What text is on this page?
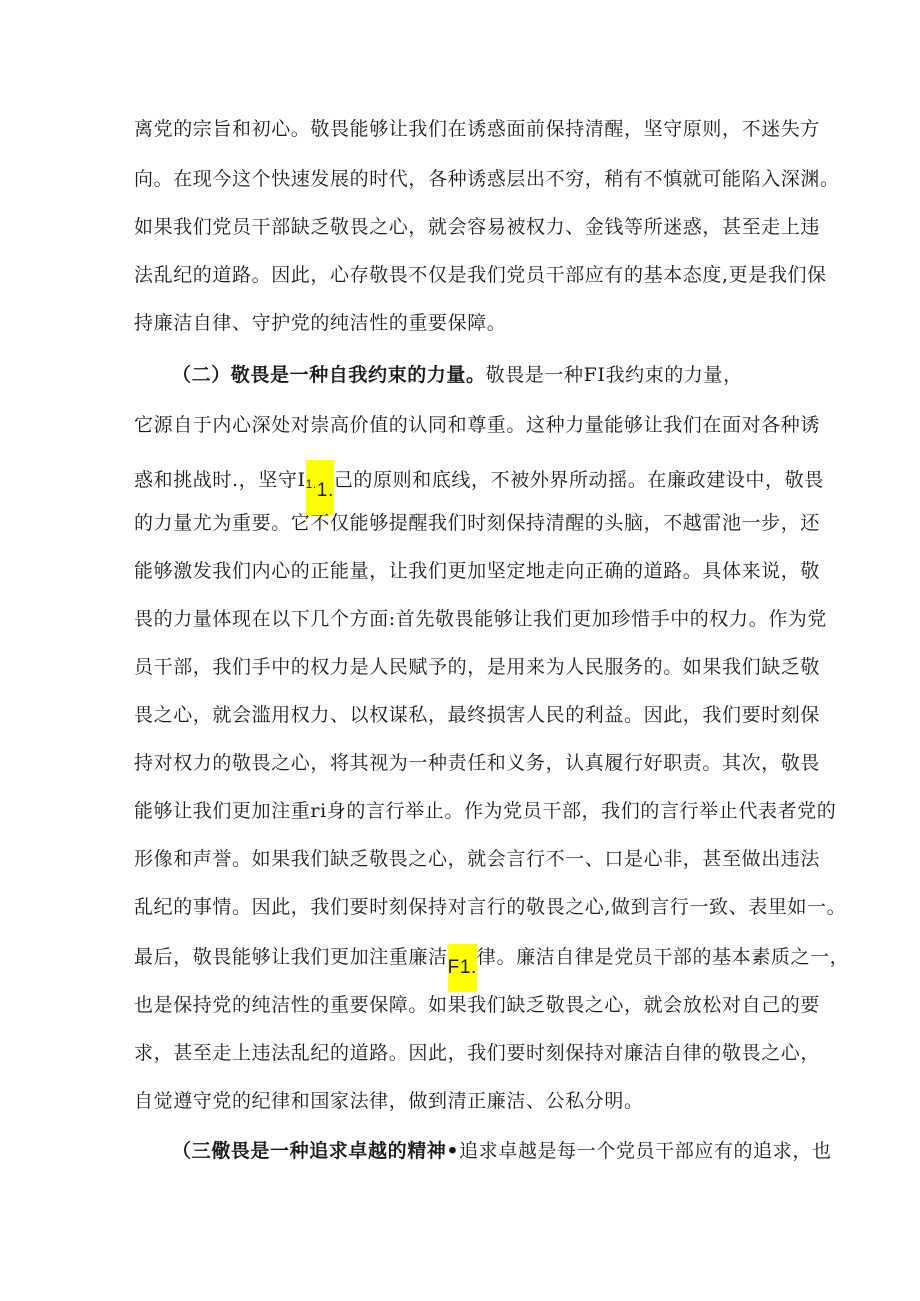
离党的宗旨和初心。敬畏能够让我们在诱惑面前保持清醒，坚守原则，不迷失方
向。在现今这个快速发展的时代，各种诱惑层出不穷，稍有不慎就可能陷入深渊。
如果我们党员干部缺乏敬畏之心，就会容易被权力、金钱等所迷惑，甚至走上违
法乱纪的道路。因此，心存敬畏不仅是我们党员干部应有的基本态度,更是我们保
持廉洁自律、守护党的纯洁性的重要保障。
（二）敬畏是一种自我约束的力量。敬畏是一种FI我约束的力量，
它源自于内心深处对崇高价值的认同和尊重。这种力量能够让我们在面对各种诱
惑和挑战时.，坚守$I^{1.}1$.己的原则和底线，不被外界所动摇。在廉政建设中，敬畏
的力量尤为重要。它不仅能够提醒我们时刻保持清醒的头脑，不越雷池一步，还
能够激发我们内心的正能量，让我们更加坚定地走向正确的道路。具体来说，敬
畏的力量体现在以下几个方面:首先敬畏能够让我们更加珍惜手中的权力。作为党
员干部，我们手中的权力是人民赋予的，是用来为人民服务的。如果我们缺乏敬
畏之心，就会滥用权力、以权谋私，最终损害人民的利益。因此，我们要时刻保
持对权力的敬畏之心，将其视为一种责任和义务，认真履行好职责。其次，敬畏
能够让我们更加注重ri身的言行举止。作为党员干部，我们的言行举止代表者党的
形像和声誉。如果我们缺乏敬畏之心，就会言行不一、口是心非，甚至做出违法
乱纪的事情。因此，我们要时刻保持对言行的敬畏之心,做到言行一致、表里如一。
最后，敬畏能够让我们更加注重廉洁F1.律。廉洁自律是党员干部的基本素质之一，
也是保持党的纯洁性的重要保障。如果我们缺乏敬畏之心，就会放松对自己的要
求，甚至走上违法乱纪的道路。因此，我们要时刻保持对廉洁自律的敬畏之心，
自觉遵守党的纪律和国家法律，做到清正廉洁、公私分明。
（三儆畏是一种追求卓越的精神•追求卓越是每一个党员干部应有的追求，也
